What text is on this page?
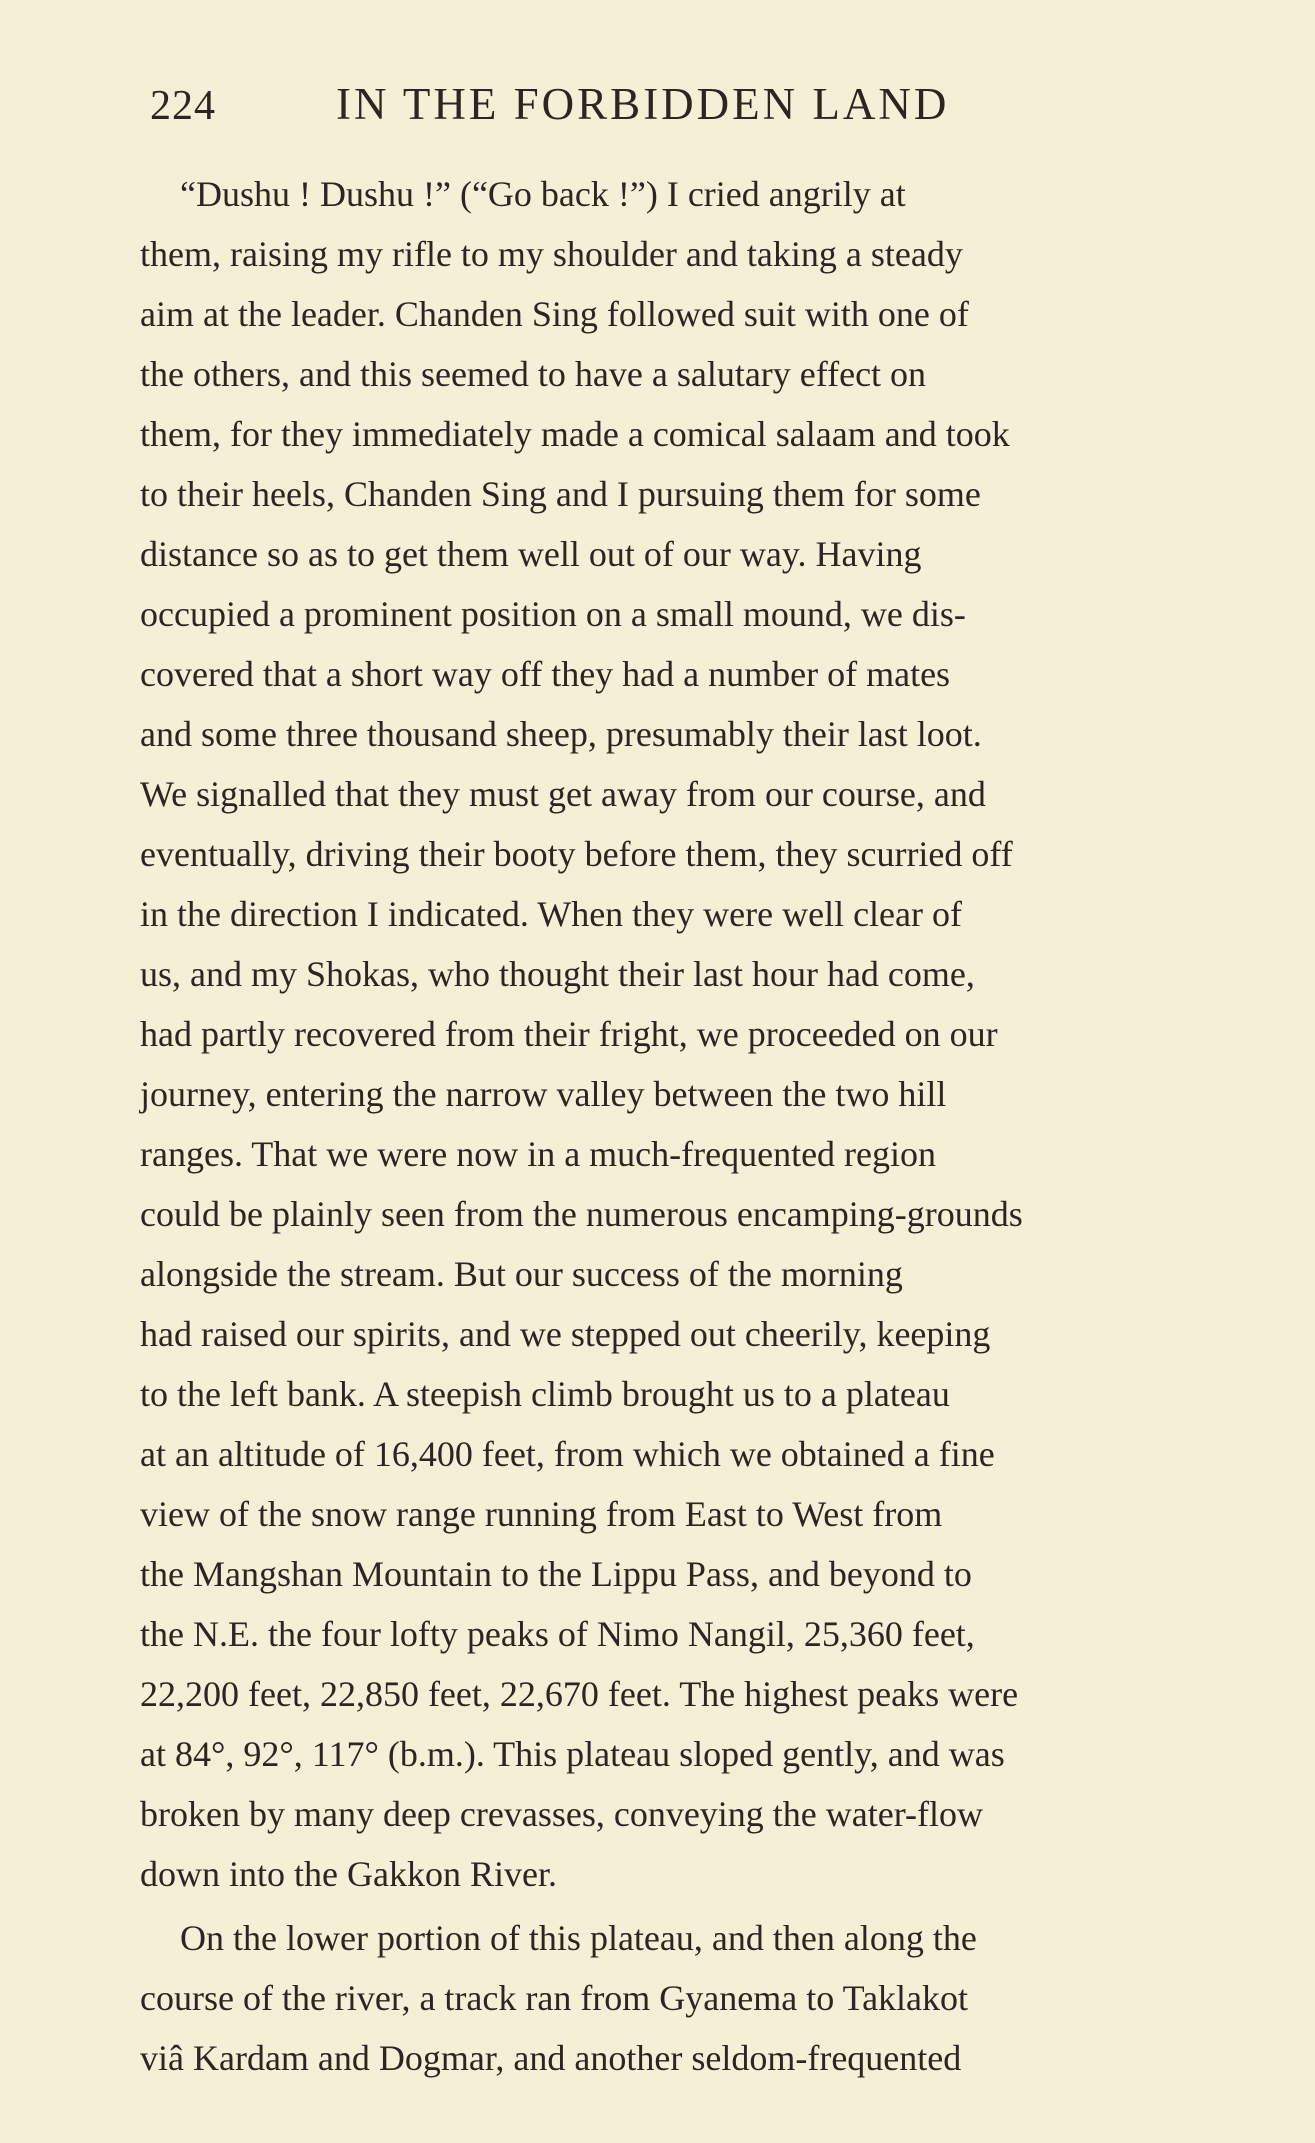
224	IN THE FORBIDDEN LAND
“Dushu ! Dushu !” (“Go back !”) I cried angrily at
them, raising my rifle to my shoulder and taking a steady
aim at the leader. Chanden Sing followed suit with one of
the others, and this seemed to have a salutary effect on
them, for they immediately made a comical salaam and took
to their heels, Chanden Sing and I pursuing them for some
distance so as to get them well out of our way. Having
occupied a prominent position on a small mound, we dis-
covered that a short way off they had a number of mates
and some three thousand sheep, presumably their last loot.
We signalled that they must get away from our course, and
eventually, driving their booty before them, they scurried off
in the direction I indicated. When they were well clear of
us, and my Shokas, who thought their last hour had come,
had partly recovered from their fright, we proceeded on our
journey, entering the narrow valley between the two hill
ranges. That we were now in a much-frequented region
could be plainly seen from the numerous encamping-grounds
alongside the stream. But our success of the morning
had raised our spirits, and we stepped out cheerily, keeping
to the left bank. A steepish climb brought us to a plateau
at an altitude of 16,400 feet, from which we obtained a fine
view of the snow range running from East to West from
the Mangshan Mountain to the Lippu Pass, and beyond to
the N.E. the four lofty peaks of Nimo Nangil, 25,360 feet,
22,200 feet, 22,850 feet, 22,670 feet. The highest peaks were
at 84°, 92°, 117° (b.m.). This plateau sloped gently, and was
broken by many deep crevasses, conveying the water-flow
down into the Gakkon River.
On the lower portion of this plateau, and then along the
course of the river, a track ran from Gyanema to Taklakot
viâ Kardam and Dogmar, and another seldom-frequented
